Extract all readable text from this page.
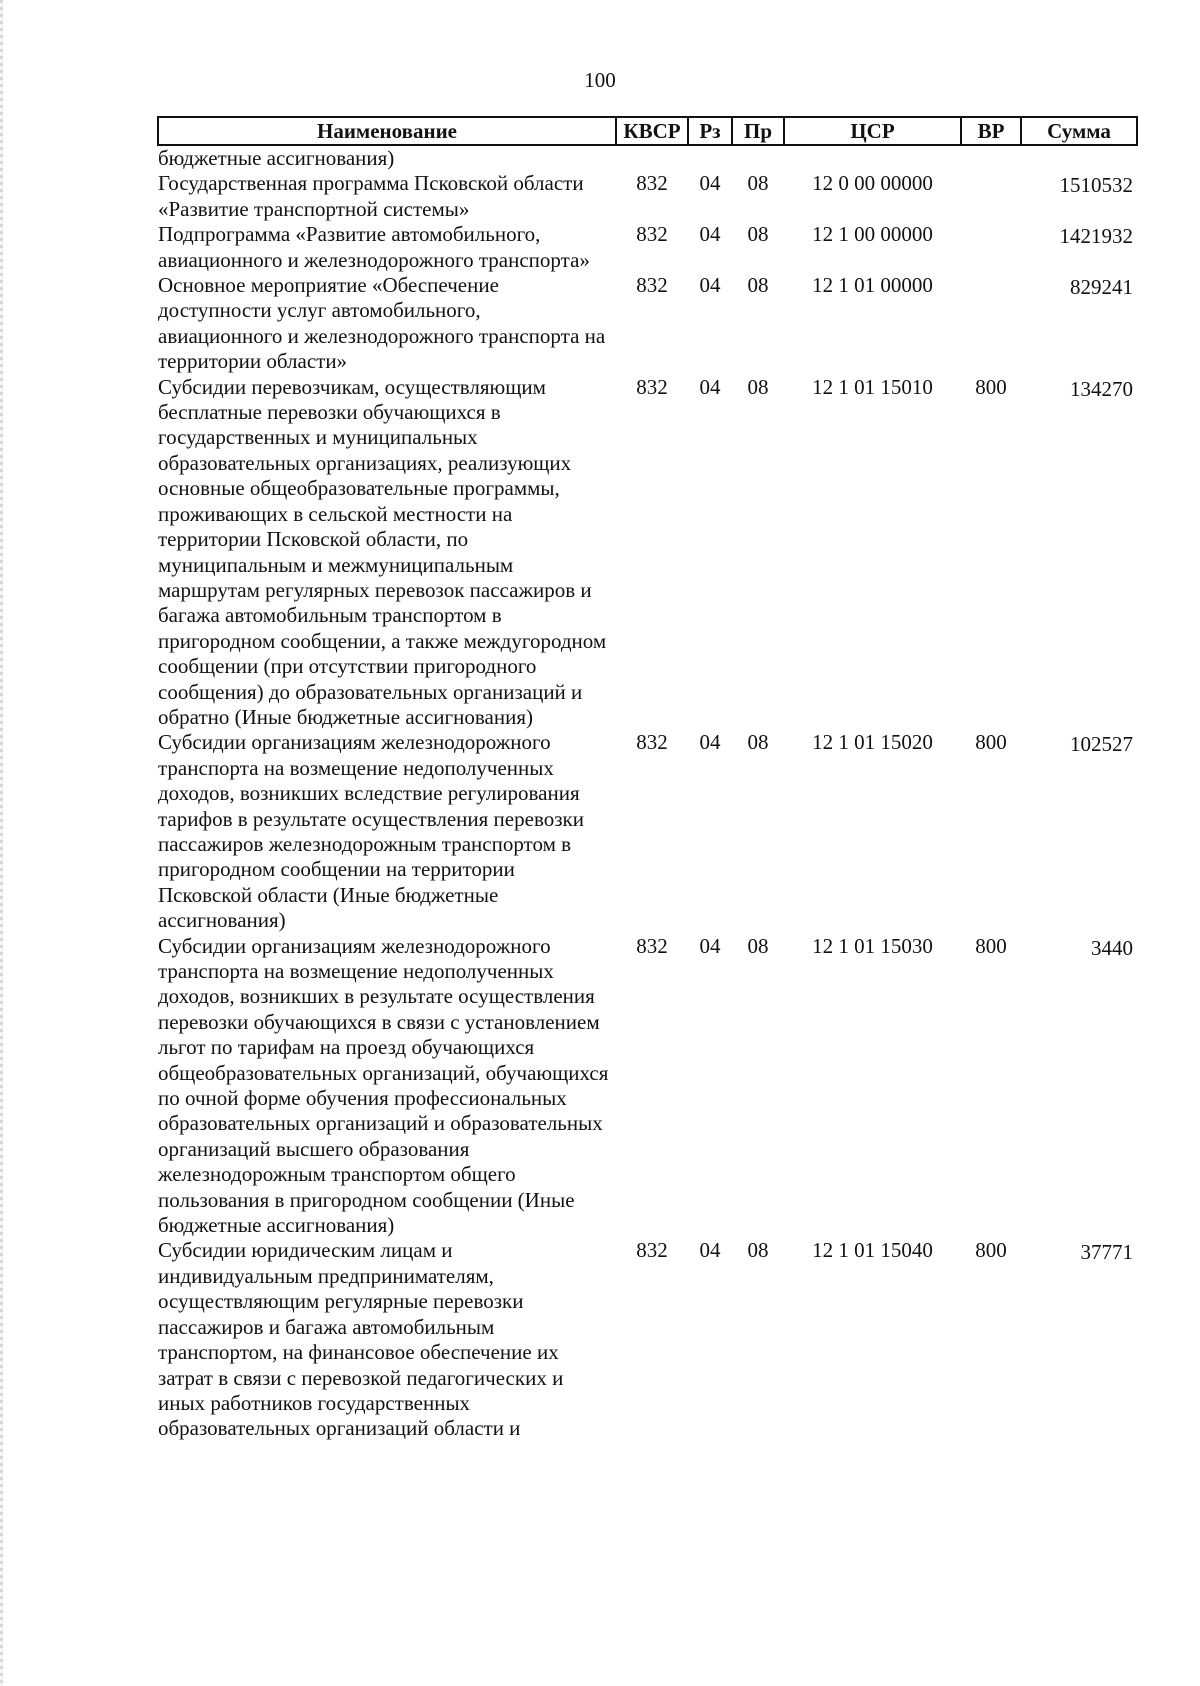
100
Наименование	КВСР	Рз	Пр	ЦСР	ВР	Сумма
бюджетные ассигнования)						
Государственная программа Псковской области «Развитие транспортной системы»	832	04	08	12 0 00 00000		1510532
Подпрограмма «Развитие автомобильного, авиационного и железнодорожного транспорта»	832	04	08	12 1 00 00000		1421932
Основное мероприятие «Обеспечение доступности услуг автомобильного, авиационного и железнодорожного транспорта на территории области»	832	04	08	12 1 01 00000		829241
Субсидии перевозчикам, осуществляющим бесплатные перевозки обучающихся в государственных и муниципальных образовательных организациях, реализующих основные общеобразовательные программы, проживающих в сельской местности на территории Псковской области, по муниципальным и межмуниципальным маршрутам регулярных перевозок пассажиров и багажа автомобильным транспортом в пригородном сообщении, а также междугородном сообщении (при отсутствии пригородного сообщения) до образовательных организаций и обратно (Иные бюджетные ассигнования)	832	04	08	12 1 01 15010	800	134270
Субсидии организациям железнодорожного транспорта на возмещение недополученных доходов, возникших вследствие регулирования тарифов в результате осуществления перевозки пассажиров железнодорожным транспортом в пригородном сообщении на территории Псковской области (Иные бюджетные ассигнования)	832	04	08	12 1 01 15020	800	102527
Субсидии организациям железнодорожного транспорта на возмещение недополученных доходов, возникших в результате осуществления перевозки обучающихся в связи с установлением льгот по тарифам на проезд обучающихся общеобразовательных организаций, обучающихся по очной форме обучения профессиональных образовательных организаций и образовательных организаций высшего образования железнодорожным транспортом общего пользования в пригородном сообщении (Иные бюджетные ассигнования)	832	04	08	12 1 01 15030	800	3440
Субсидии юридическим лицам и индивидуальным предпринимателям, осуществляющим регулярные перевозки пассажиров и багажа автомобильным транспортом, на финансовое обеспечение их затрат в связи с перевозкой педагогических и иных работников государственных образовательных организаций области и	832	04	08	12 1 01 15040	800	37771
